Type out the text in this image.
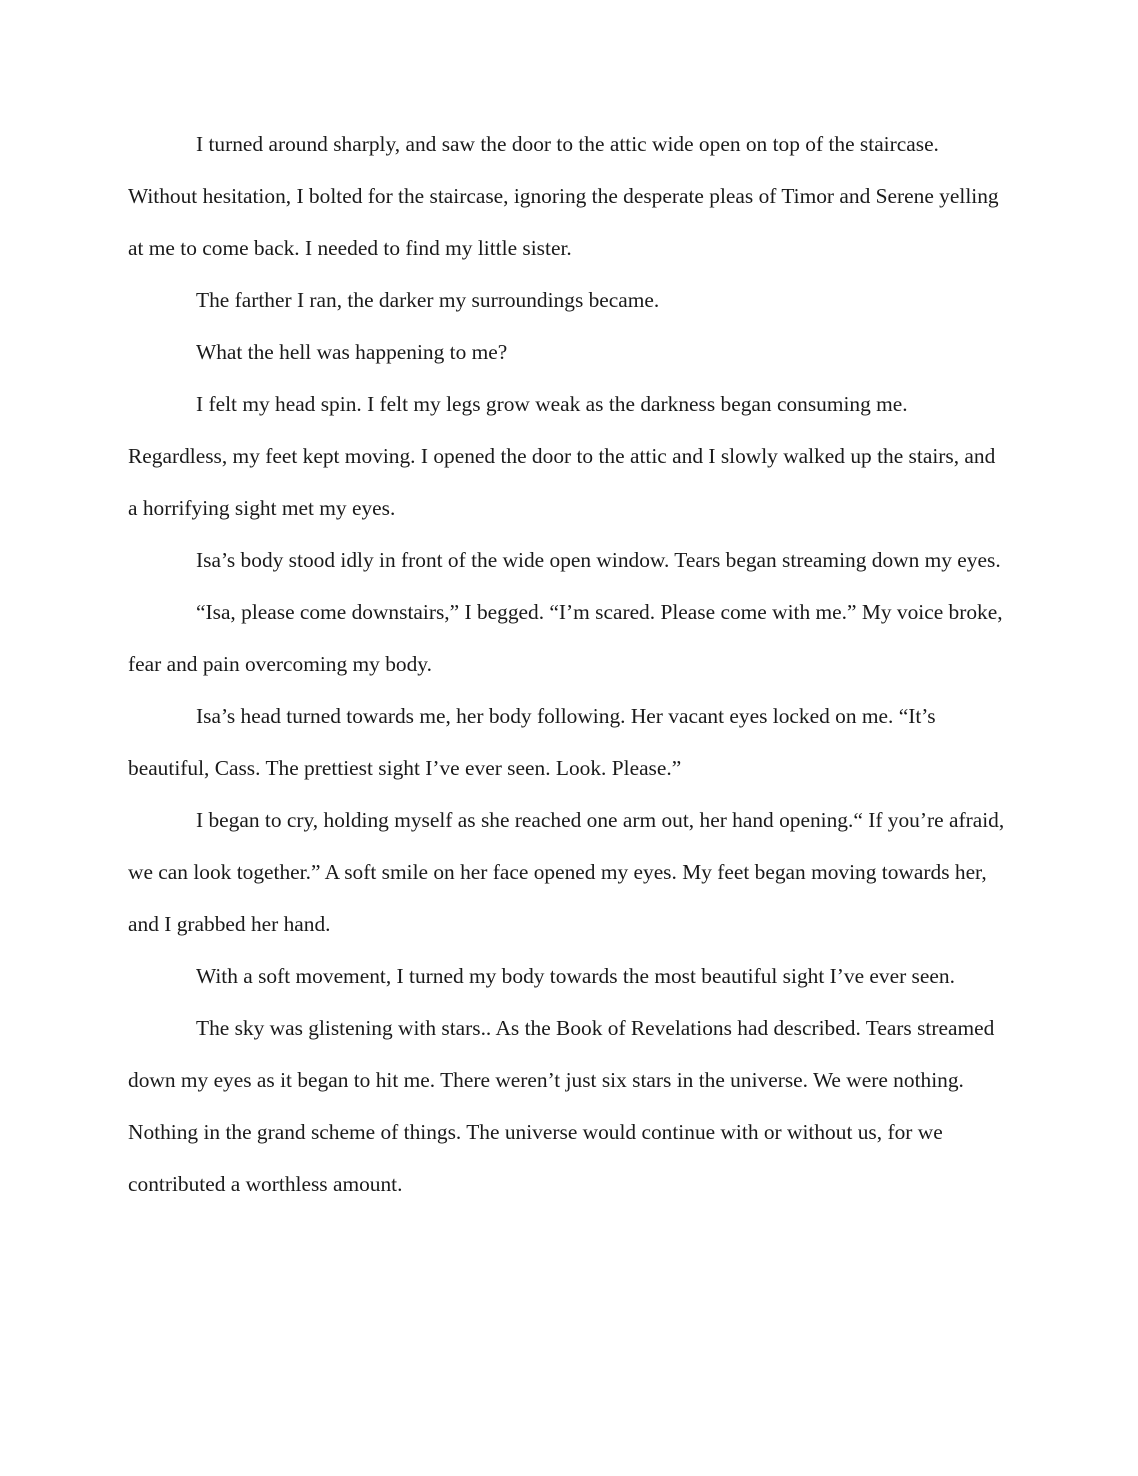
I turned around sharply, and saw the door to the attic wide open on top of the staircase. Without hesitation, I bolted for the staircase, ignoring the desperate pleas of Timor and Serene yelling at me to come back. I needed to find my little sister.

The farther I ran, the darker my surroundings became.

What the hell was happening to me?

I felt my head spin. I felt my legs grow weak as the darkness began consuming me. Regardless, my feet kept moving. I opened the door to the attic and I slowly walked up the stairs, and a horrifying sight met my eyes.

Isa’s body stood idly in front of the wide open window. Tears began streaming down my eyes.

“Isa, please come downstairs,” I begged. “I’m scared. Please come with me.” My voice broke, fear and pain overcoming my body.

Isa’s head turned towards me, her body following. Her vacant eyes locked on me. “It’s beautiful, Cass. The prettiest sight I’ve ever seen. Look. Please.”

I began to cry, holding myself as she reached one arm out, her hand opening.“ If you’re afraid, we can look together.” A soft smile on her face opened my eyes. My feet began moving towards her, and I grabbed her hand.

With a soft movement, I turned my body towards the most beautiful sight I’ve ever seen.

The sky was glistening with stars.. As the Book of Revelations had described. Tears streamed down my eyes as it began to hit me. There weren’t just six stars in the universe. We were nothing. Nothing in the grand scheme of things. The universe would continue with or without us, for we contributed a worthless amount.
